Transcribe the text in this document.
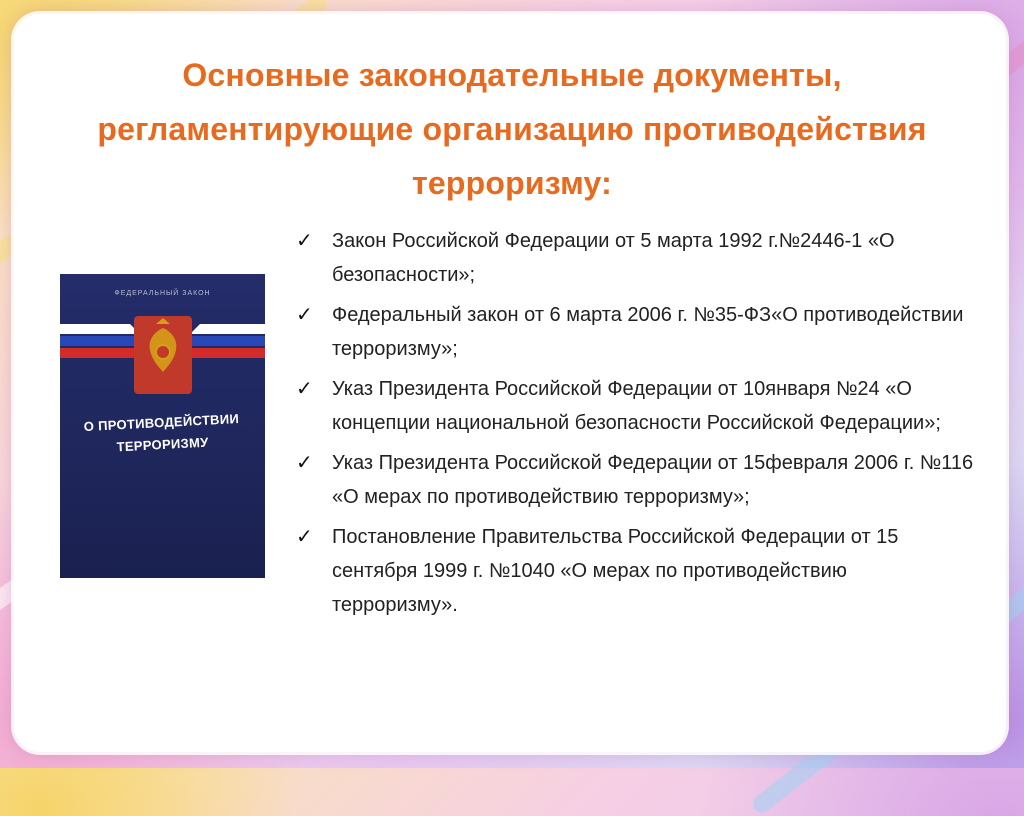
Основные законодательные документы, регламентирующие организацию противодействия терроризму:
ФЕДЕРАЛЬНЫЙ ЗАКОН
О ПРОТИВОДЕЙСТВИИ ТЕРРОРИЗМУ
✓ Закон Российской Федерации от 5 марта 1992 г.№2446-1 «О безопасности»;
✓ Федеральный закон от 6 марта 2006 г. №35-ФЗ«О противодействии терроризму»;
✓ Указ Президента Российской Федерации от 10января №24 «О концепции национальной безопасности Российской Федерации»;
✓ Указ Президента Российской Федерации от 15февраля 2006 г. №116 «О мерах по противодействию терроризму»;
✓ Постановление Правительства Российской Федерации от 15 сентября 1999 г. №1040 «О мерах по противодействию терроризму».
